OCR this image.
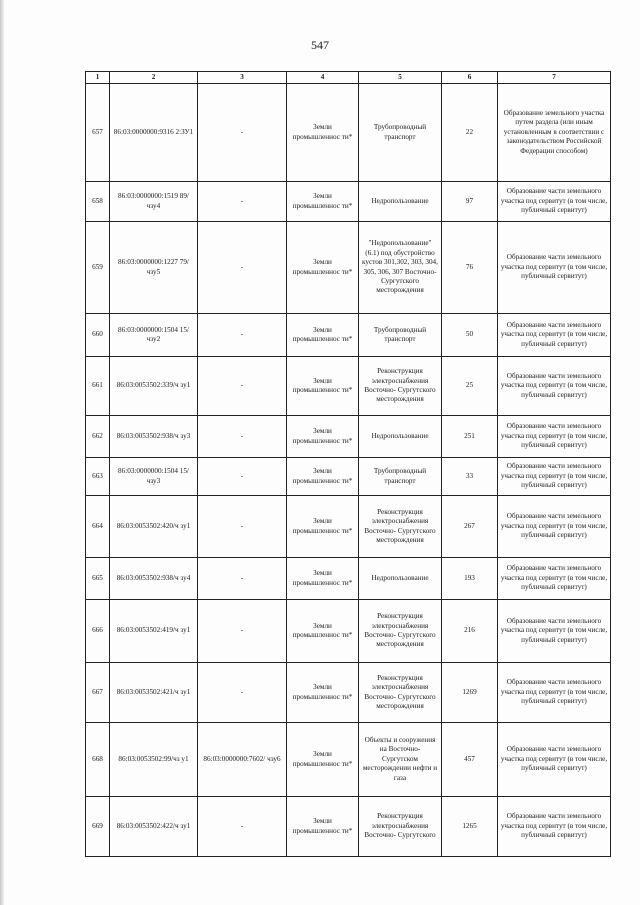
547
1	2	3	4	5	6	7
657	86:03:0000000:9316 2:ЗУ1	-	Земли промышленнос ти*	Трубопроводный транспорт	22	Образование земельного участка путем раздела (или иным установленным в соответствии с законодательством Российской Федерации способом)
658	86:03:0000000:1519 89/чзу4	-	Земли промышленнос ти*	Недропользование	97	Образование части земельного участка под сервитут (в том числе, публичный сервитут)
659	86:03:0000000:1227 79/чзу5	-	Земли промышленнос ти*	"Недропользование" (6.1) под обустройство кустов 301,302, 303, 304, 305, 306, 307 Восточно- Сургутского месторождения	76	Образование части земельного участка под сервитут (в том числе, публичный сервитут)
660	86:03:0000000:1504 15/чзу2	-	Земли промышленнос ти*	Трубопроводный транспорт	50	Образование части земельного участка под сервитут (в том числе, публичный сервитут)
661	86:03:0053502:339/ч зу1	-	Земли промышленнос ти*	Реконструкция электроснабжения Восточно- Сургутского месторождения	25	Образование части земельного участка под сервитут (в том числе, публичный сервитут)
662	86:03:0053502:938/ч зу3	-	Земли промышленнос ти*	Недропользование	251	Образование части земельного участка под сервитут (в том числе, публичный сервитут)
663	86:03:0000000:1504 15/чзу3	-	Земли промышленнос ти*	Трубопроводный транспорт	33	Образование части земельного участка под сервитут (в том числе, публичный сервитут)
664	86:03:0053502:420/ч зу1	-	Земли промышленнос ти*	Реконструкция электроснабжения Восточно- Сургутского месторождения	267	Образование части земельного участка под сервитут (в том числе, публичный сервитут)
665	86:03:0053502:938/ч зу4	-	Земли промышленнос ти*	Недропользование	193	Образование части земельного участка под сервитут (в том числе, публичный сервитут)
666	86:03:0053502:419/ч зу1	-	Земли промышленнос ти*	Реконструкция электроснабжения Восточно- Сургутского месторождения	216	Образование части земельного участка под сервитут (в том числе, публичный сервитут)
667	86:03:0053502:421/ч зу1	-	Земли промышленнос ти*	Реконструкция электроснабжения Восточно- Сургутского месторождения	1269	Образование части земельного участка под сервитут (в том числе, публичный сервитут)
668	86:03:0053502:99/чз у1	86:03:0000000:7602/ чзу6	Земли промышленнос ти*	Объекты и сооружения на Восточно- Сургутском месторождении нефти и газа	457	Образование части земельного участка под сервитут (в том числе, публичный сервитут)
669	86:03:0053502:422/ч зу1	-	Земли промышленнос ти*	Реконструкция электроснабжения Восточно- Сургутского	1265	Образование части земельного участка под сервитут (в том числе, публичный сервитут)
